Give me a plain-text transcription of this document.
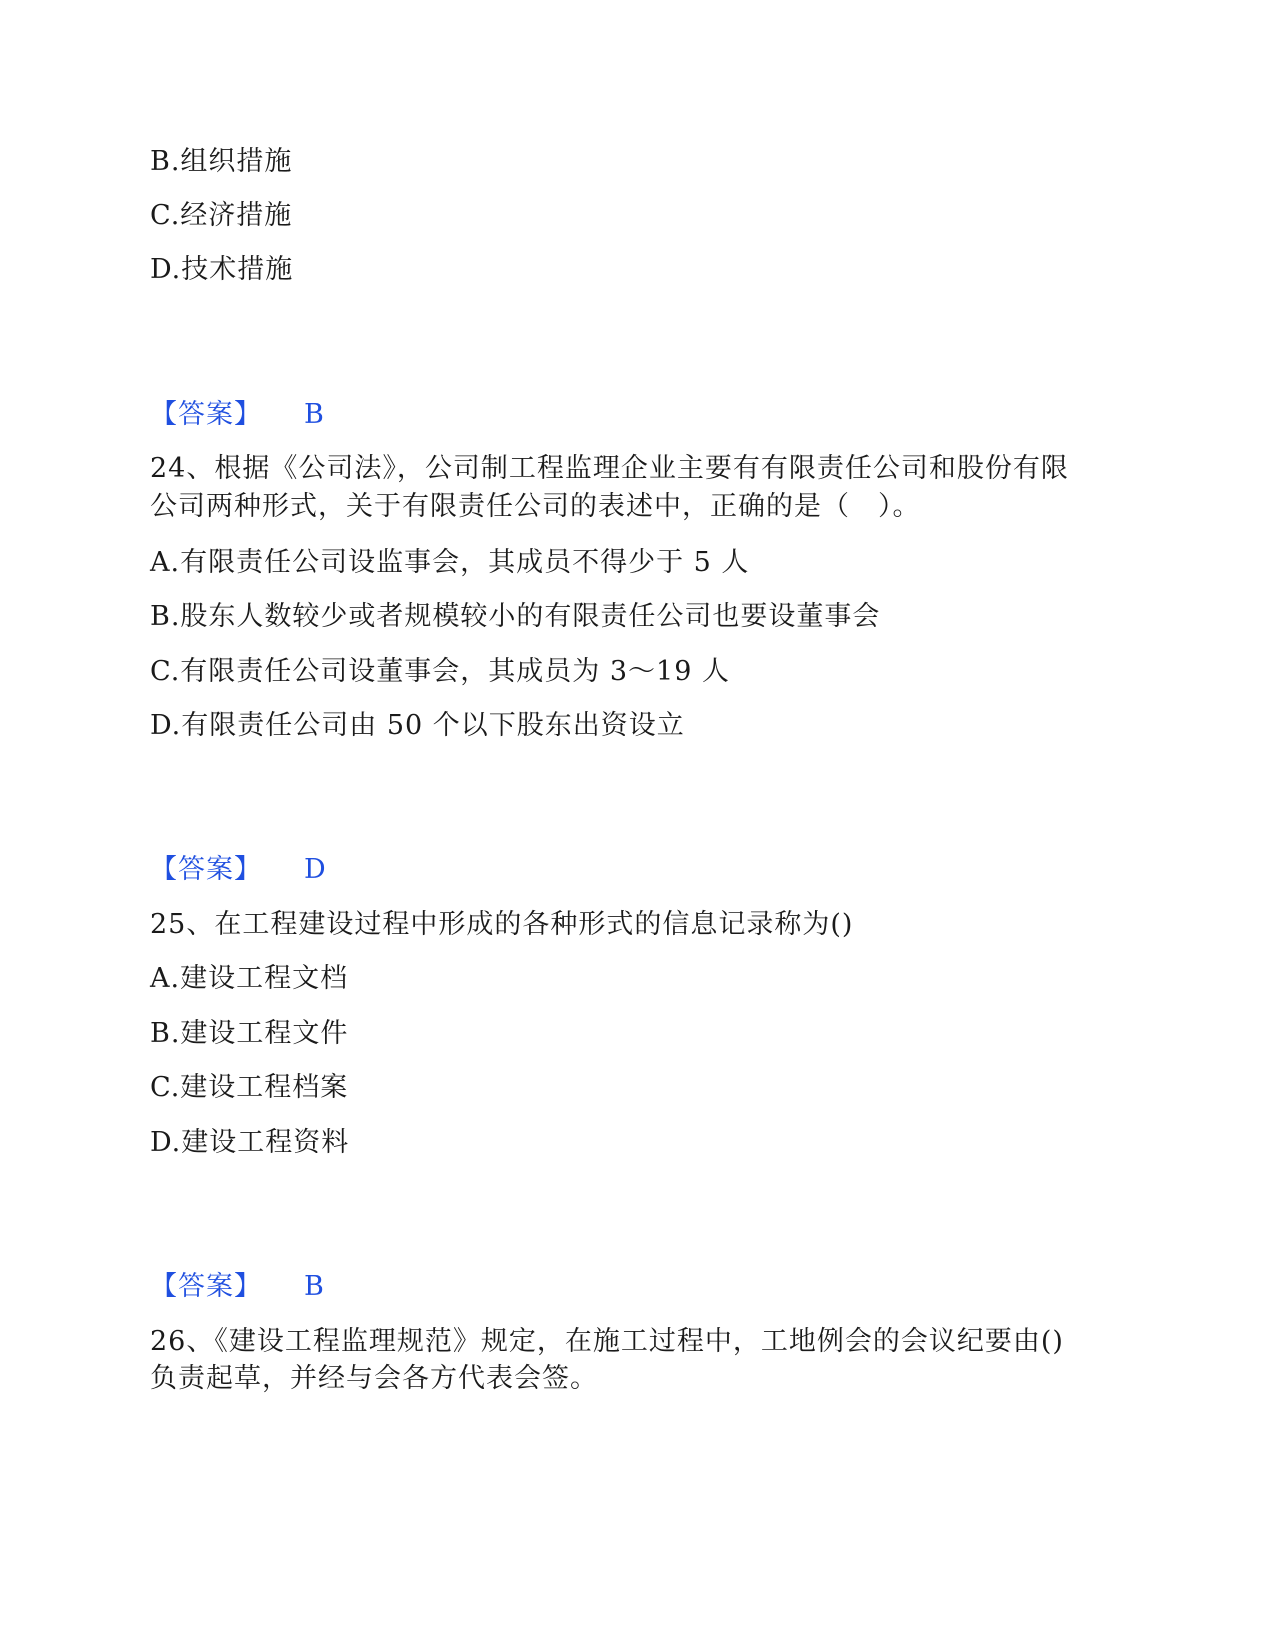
B.组织措施
C.经济措施
D.技术措施
【答案】 B
24、根据《公司法》，公司制工程监理企业主要有有限责任公司和股份有限
公司两种形式，关于有限责任公司的表述中，正确的是（　）。
A.有限责任公司设监事会，其成员不得少于 5 人
B.股东人数较少或者规模较小的有限责任公司也要设董事会
C.有限责任公司设董事会，其成员为 3～19 人
D.有限责任公司由 50 个以下股东出资设立
【答案】 D
25、在工程建设过程中形成的各种形式的信息记录称为()
A.建设工程文档
B.建设工程文件
C.建设工程档案
D.建设工程资料
【答案】 B
26、《建设工程监理规范》规定，在施工过程中，工地例会的会议纪要由()
负责起草，并经与会各方代表会签。
